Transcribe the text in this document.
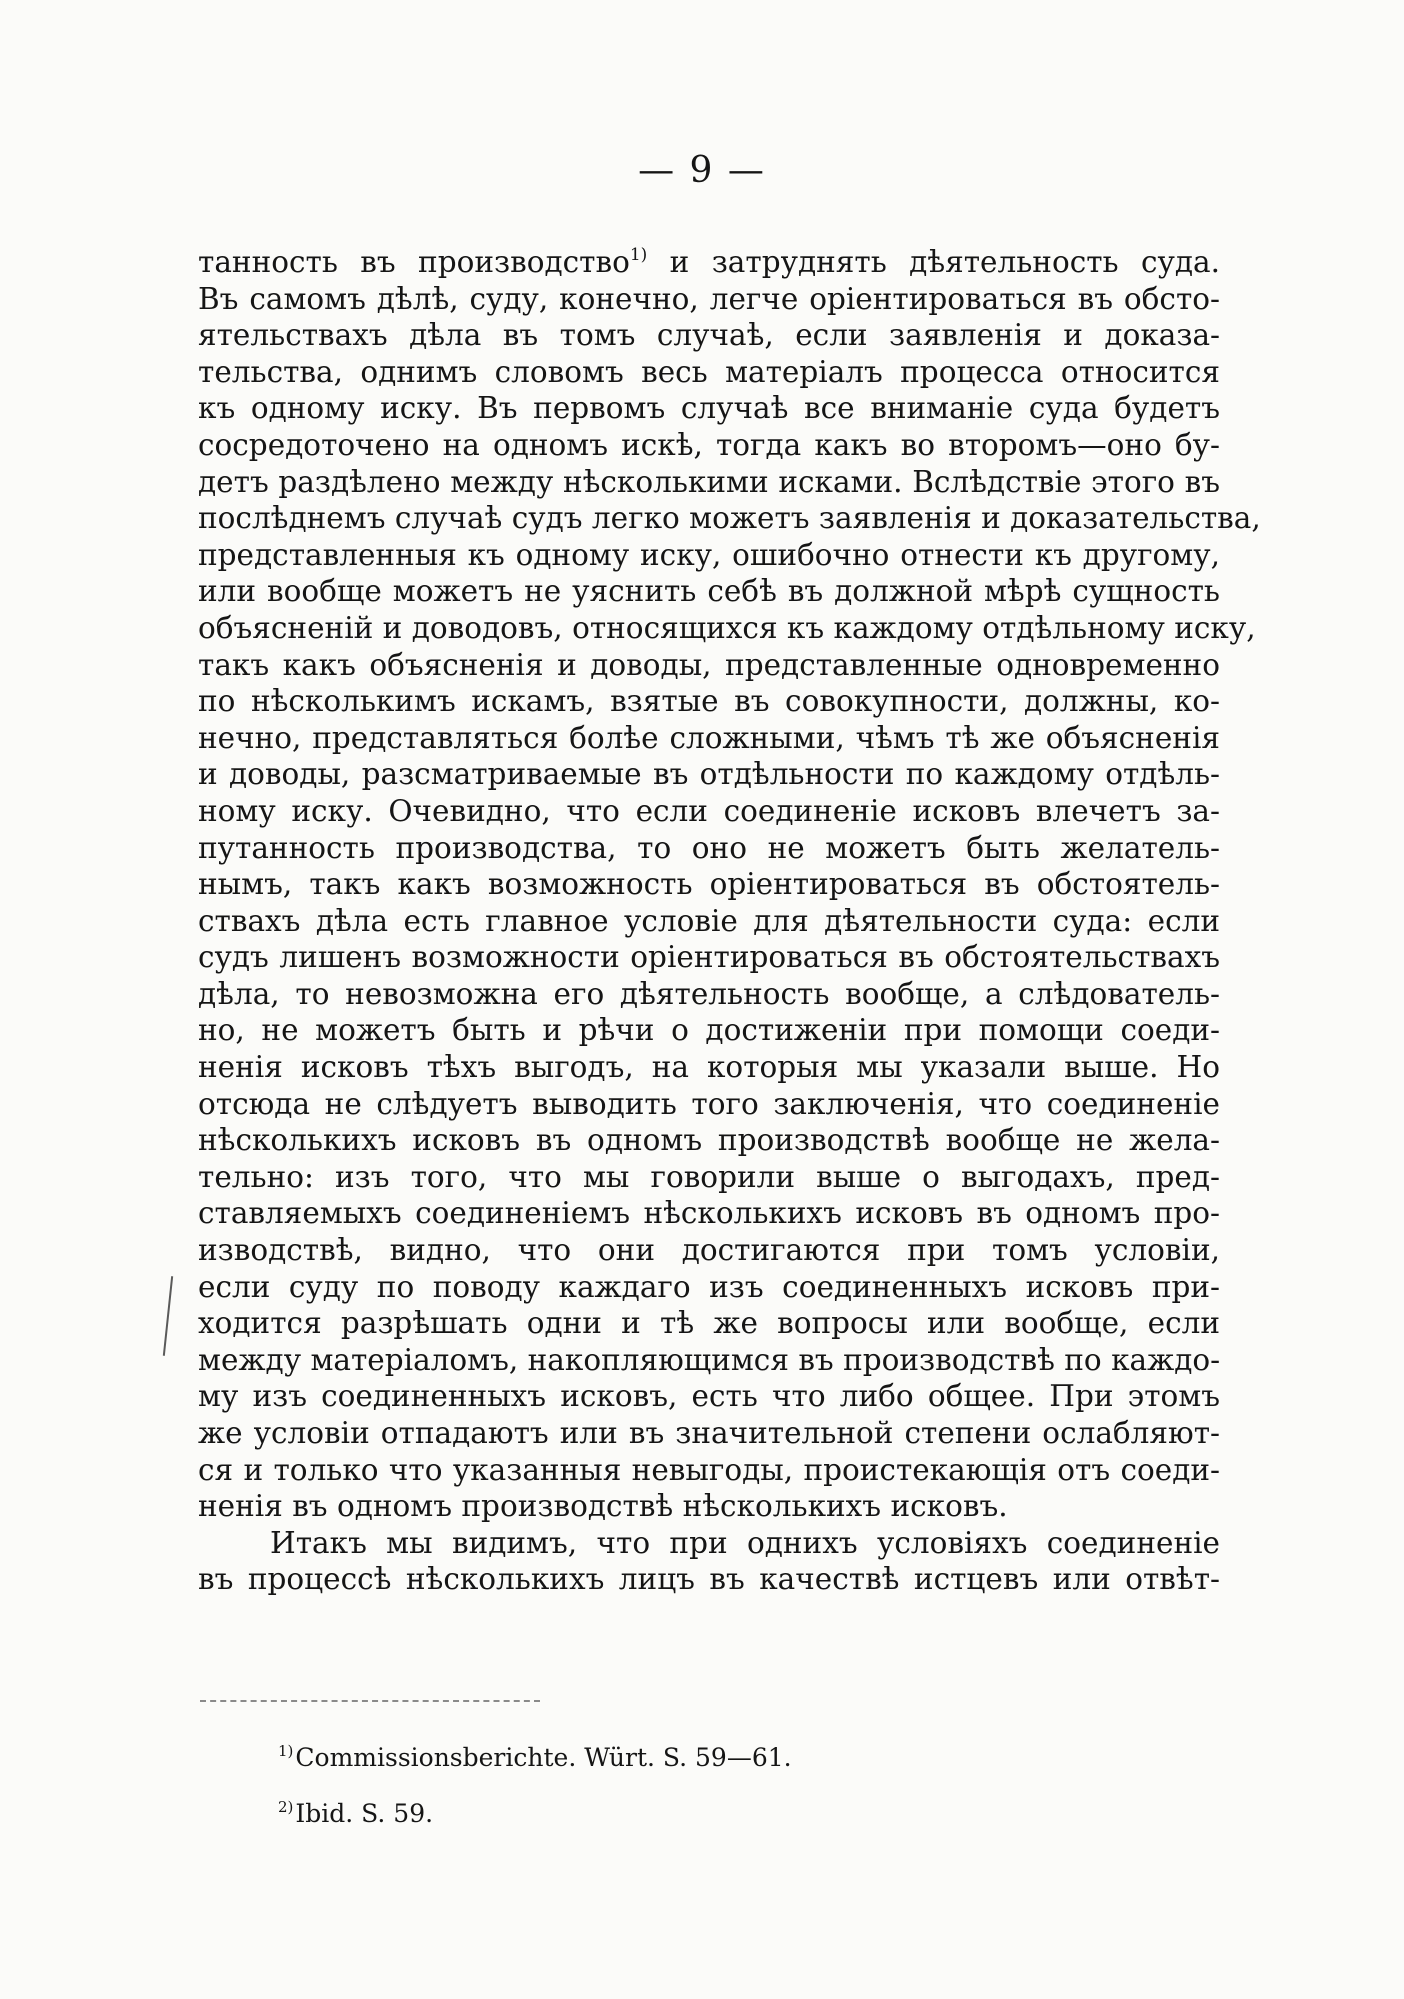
— 9 —
танность въ производство$^{1)}$ и затруднять дѣятельность суда.
Въ самомъ дѣлѣ, суду, конечно, легче оріентироваться въ обсто-
ятельствахъ дѣла въ томъ случаѣ, если заявленія и доказа-
тельства, однимъ словомъ весь матеріалъ процесса относится
къ одному иску. Въ первомъ случаѣ все вниманіе суда будетъ
сосредоточено на одномъ искѣ, тогда какъ во второмъ—оно бу-
детъ раздѣлено между нѣсколькими исками. Вслѣдствіе этого въ
послѣднемъ случаѣ судъ легко можетъ заявленія и доказательства,
представленныя къ одному иску, ошибочно отнести къ другому,
или вообще можетъ не уяснить себѣ въ должной мѣрѣ сущность
объясненій и доводовъ, относящихся къ каждому отдѣльному иску,
такъ какъ объясненія и доводы, представленные одновременно
по нѣсколькимъ искамъ, взятые въ совокупности, должны, ко-
нечно, представляться болѣе сложными, чѣмъ тѣ же объясненія
и доводы, разсматриваемые въ отдѣльности по каждому отдѣль-
ному иску. Очевидно, что если соединеніе исковъ влечетъ за-
путанность производства, то оно не можетъ быть желатель-
нымъ, такъ какъ возможность оріентироваться въ обстоятель-
ствахъ дѣла есть главное условіе для дѣятельности суда: если
судъ лишенъ возможности оріентироваться въ обстоятельствахъ
дѣла, то невозможна его дѣятельность вообще, а слѣдователь-
но, не можетъ быть и рѣчи о достиженіи при помощи соеди-
ненія исковъ тѣхъ выгодъ, на которыя мы указали выше. Но
отсюда не слѣдуетъ выводить того заключенія, что соединеніе
нѣсколькихъ исковъ въ одномъ производствѣ вообще не жела-
тельно: изъ того, что мы говорили выше о выгодахъ, пред-
ставляемыхъ соединеніемъ нѣсколькихъ исковъ въ одномъ про-
изводствѣ, видно, что они достигаются при томъ условіи,
если суду по поводу каждаго изъ соединенныхъ исковъ при-
ходится разрѣшать одни и тѣ же вопросы или вообще, если
между матеріаломъ, накопляющимся въ производствѣ по каждо-
му изъ соединенныхъ исковъ, есть что либо общее. При этомъ
же условіи отпадаютъ или въ значительной степени ослабляют-
ся и только что указанныя невыгоды, проистекающія отъ соеди-
ненія въ одномъ производствѣ нѣсколькихъ исковъ.
Итакъ мы видимъ, что при однихъ условіяхъ соединеніе
въ процессѣ нѣсколькихъ лицъ въ качествѣ истцевъ или отвѣт-
$^{1)}$Commissionsberichte. Würt. S. 59—61.
$^{2)}$Ibid. S. 59.
